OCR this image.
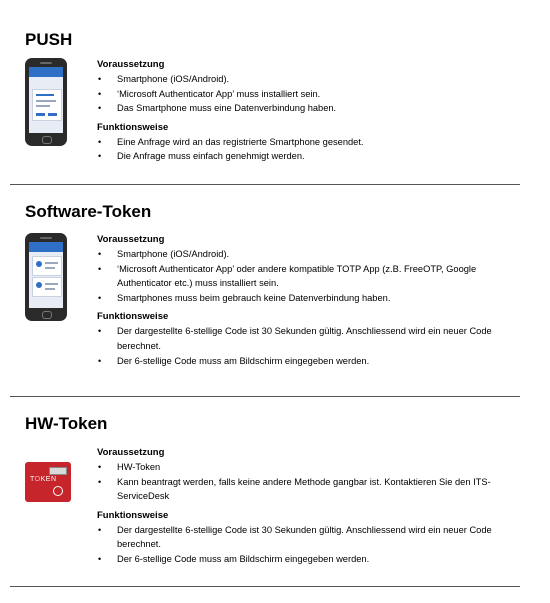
PUSH

Voraussetzung

• Smartphone (iOS/Android).
• ‘Microsoft Authenticator App’ muss installiert sein.
• Das Smartphone muss eine Datenverbindung haben.

Funktionsweise

• Eine Anfrage wird an das registrierte Smartphone gesendet.
• Die Anfrage muss einfach genehmigt werden.
Software-Token

Voraussetzung

• Smartphone (iOS/Android).
• ‘Microsoft Authenticator App’ oder andere kompatible TOTP App (z.B. FreeOTP, Google Authenticator etc.) muss installiert sein.
• Smartphones muss beim gebrauch keine Datenverbindung haben.

Funktionsweise

• Der dargestellte 6-stellige Code ist 30 Sekunden gültig. Anschliessend wird ein neuer Code berechnet.
• Der 6-stellige Code muss am Bildschirm eingegeben werden.
HW-Token
TOKEN

Voraussetzung

• HW-Token
• Kann beantragt werden, falls keine andere Methode gangbar ist. Kontaktieren Sie den ITS-ServiceDesk

Funktionsweise

• Der dargestellte 6-stellige Code ist 30 Sekunden gültig. Anschliessend wird ein neuer Code berechnet.
• Der 6-stellige Code muss am Bildschirm eingegeben werden.
